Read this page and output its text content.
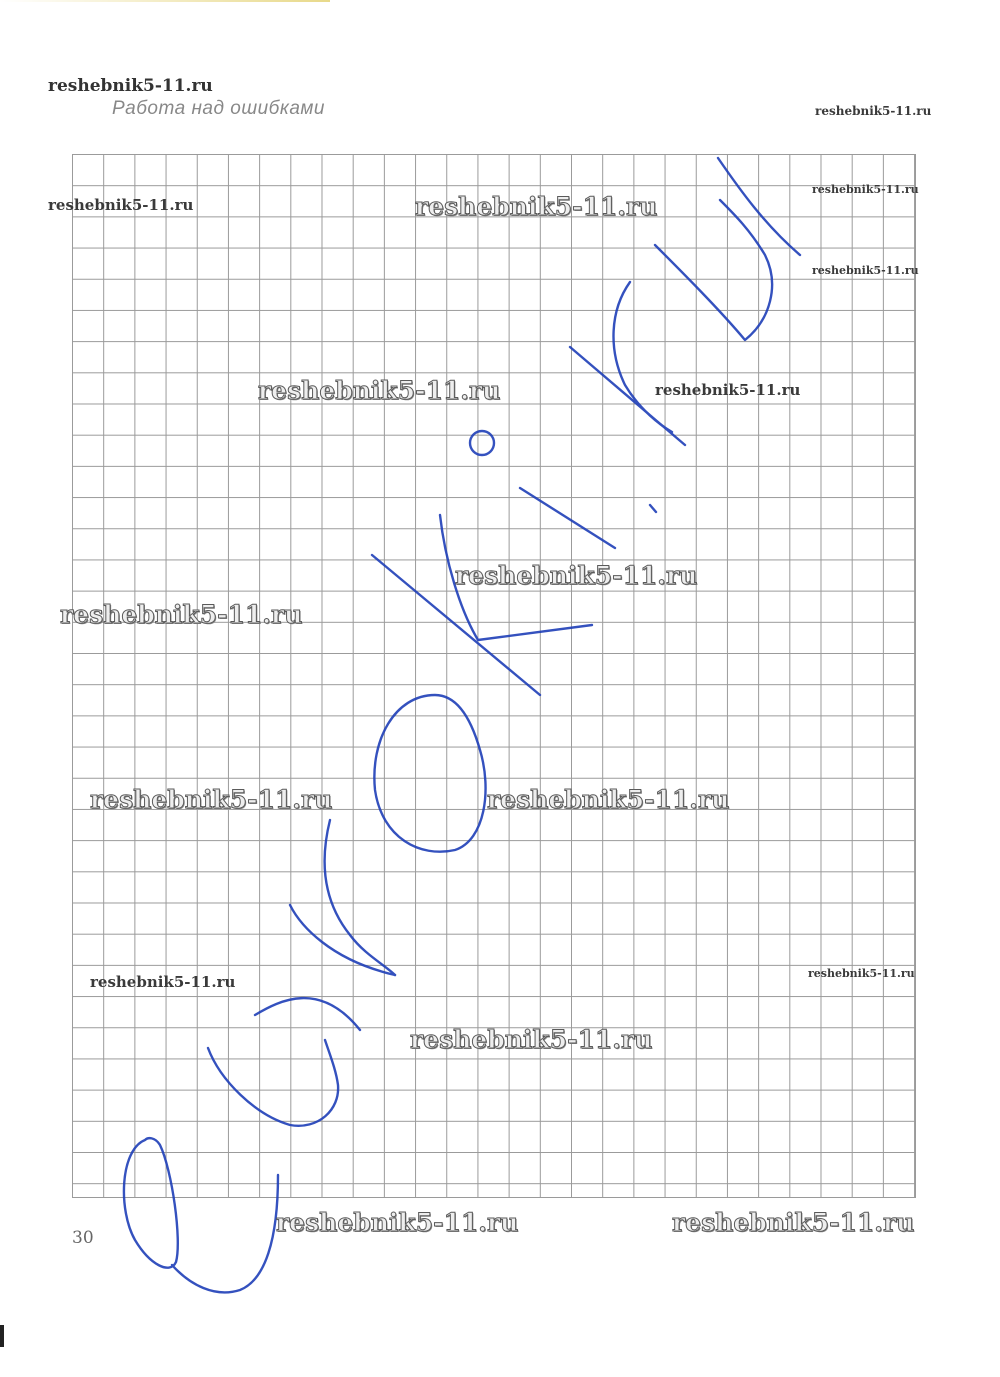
reshebnik5-11.ru
Работа над ошибками	reshebnik5-11.ru
reshebnik5-11.ru	reshebnik5-11.ru
reshebnik5-11.ru
reshebnik5-11.ru
reshebnik5-11.ru	reshebnik5-11.ru
reshebnik5-11.ru
reshebnik5-11.ru
reshebnik5-11.ru	reshebnik5-11.ru
reshebnik5-11.ru	reshebnik5-11.ru
reshebnik5-11.ru
30
reshebnik5-11.ru	reshebnik5-11.ru
